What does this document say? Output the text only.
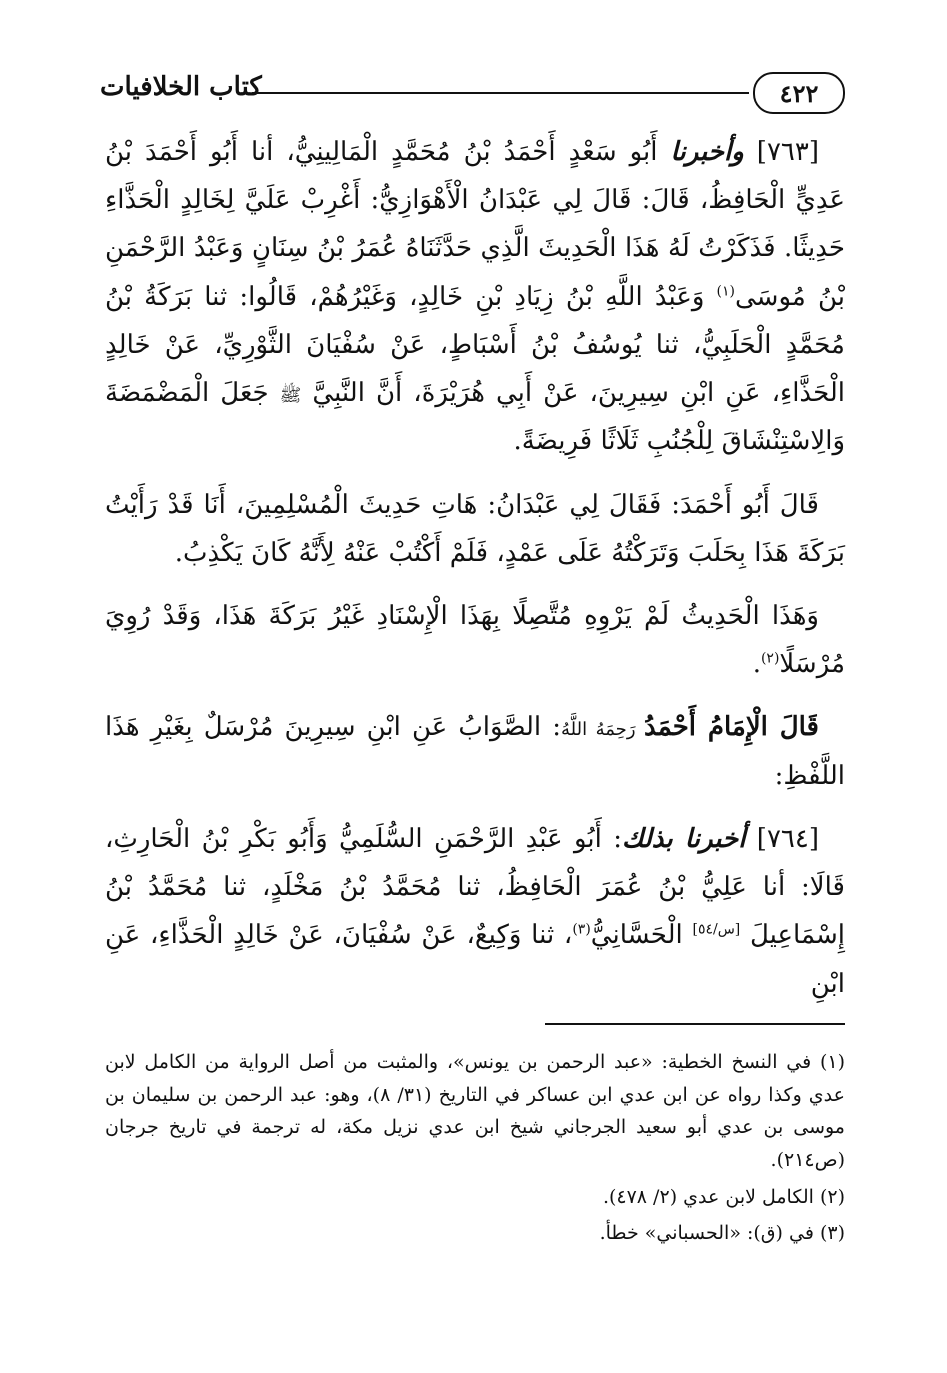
٤٢٢
كتاب الخلافيات

[٧٦٣] وأخبرنا أَبُو سَعْدٍ أَحْمَدُ بْنُ مُحَمَّدٍ الْمَالِينِيُّ، أنا أَبُو أَحْمَدَ بْنُ عَدِيٍّ الْحَافِظُ، قَالَ: قَالَ لِي عَبْدَانُ الْأَهْوَازِيُّ: أَغْرِبْ عَلَيَّ لِخَالِدٍ الْحَذَّاءِ حَدِيثًا. فَذَكَرْتُ لَهُ هَذَا الْحَدِيثَ الَّذِي حَدَّثَنَاهُ عُمَرُ بْنُ سِنَانٍ وَعَبْدُ الرَّحْمَنِ بْنُ مُوسَى$^{(١)}$ وَعَبْدُ اللَّهِ بْنُ زِيَادِ بْنِ خَالِدٍ، وَغَيْرُهُمْ، قَالُوا: ثنا بَرَكَةُ بْنُ مُحَمَّدٍ الْحَلَبِيُّ، ثنا يُوسُفُ بْنُ أَسْبَاطٍ، عَنْ سُفْيَانَ الثَّوْرِيِّ، عَنْ خَالِدٍ الْحَذَّاءِ، عَنِ ابْنِ سِيرِينَ، عَنْ أَبِي هُرَيْرَةَ، أَنَّ النَّبِيَّ ﷺ جَعَلَ الْمَضْمَضَةَ وَالِاسْتِنْشَاقَ لِلْجُنُبِ ثَلَاثًا فَرِيضَةً.

قَالَ أَبُو أَحْمَدَ: فَقَالَ لِي عَبْدَانُ: هَاتِ حَدِيثَ الْمُسْلِمِينَ، أَنَا قَدْ رَأَيْتُ بَرَكَةَ هَذَا بِحَلَبَ وَتَرَكْتُهُ عَلَى عَمْدٍ، فَلَمْ أَكْتُبْ عَنْهُ لِأَنَّهُ كَانَ يَكْذِبُ.

وَهَذَا الْحَدِيثُ لَمْ يَرْوِهِ مُتَّصِلًا بِهَذَا الْإِسْنَادِ غَيْرُ بَرَكَةَ هَذَا، وَقَدْ رُوِيَ مُرْسَلًا$^{(٢)}$.

قَالَ الْإِمَامُ أَحْمَدُ رَحِمَهُ اللَّهُ: الصَّوَابُ عَنِ ابْنِ سِيرِينَ مُرْسَلٌ بِغَيْرِ هَذَا اللَّفْظِ:

[٧٦٤] أخبرنا بذلك: أَبُو عَبْدِ الرَّحْمَنِ السُّلَمِيُّ وَأَبُو بَكْرِ بْنُ الْحَارِثِ، قَالَا: أنا عَلِيُّ بْنُ عُمَرَ الْحَافِظُ، ثنا مُحَمَّدُ بْنُ مَخْلَدٍ، ثنا مُحَمَّدُ بْنُ إِسْمَاعِيلَ [س/٥٤] الْحَسَّانِيُّ$^{(٣)}$، ثنا وَكِيعٌ، عَنْ سُفْيَانَ، عَنْ خَالِدٍ الْحَذَّاءِ، عَنِ ابْنِ

(١) في النسخ الخطية: «عبد الرحمن بن يونس»، والمثبت من أصل الرواية من الكامل لابن عدي وكذا رواه عن ابن عدي ابن عساكر في التاريخ (٣١/ ٨)، وهو: عبد الرحمن بن سليمان بن موسى بن عدي أبو سعيد الجرجاني شيخ ابن عدي نزيل مكة، له ترجمة في تاريخ جرجان (ص٢١٤).

(٢) الكامل لابن عدي (٢/ ٤٧٨).

(٣) في (ق): «الحسباني» خطأ.
